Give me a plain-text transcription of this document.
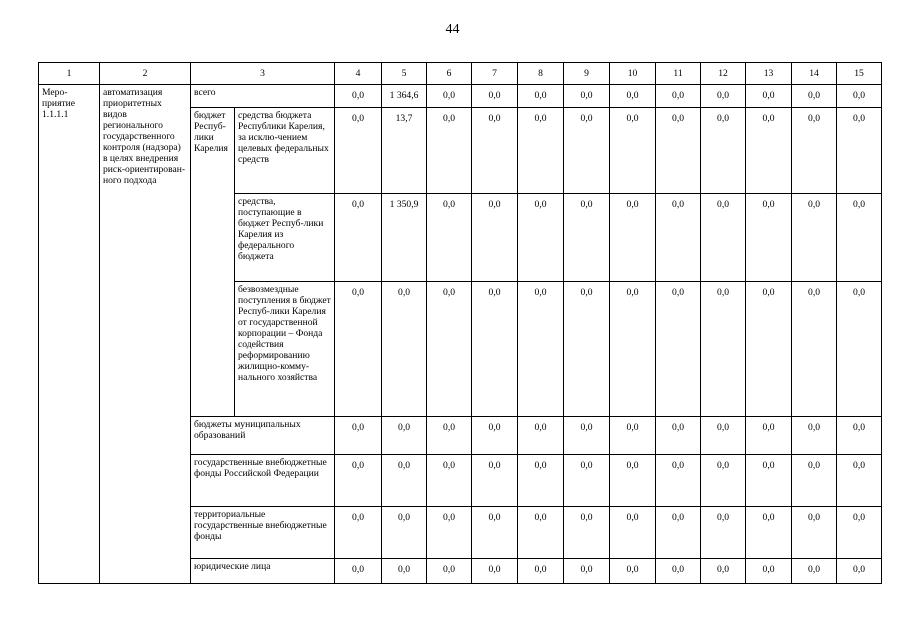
44
1	2	3		4	5	6	7	8	9	10	11	12	13	14	15
Меро-приятие 1.1.1.1	автоматизация приоритетных видов регионального государственного контроля (надзора) в целях внедрения риск-ориентирован-ного подхода	всего		0,0	1 364,6	0,0	0,0	0,0	0,0	0,0	0,0	0,0	0,0	0,0	0,0
		бюджет Респуб-лики Карелия	средства бюджета Республики Карелия, за исклю-чением целевых федеральных средств	0,0	13,7	0,0	0,0	0,0	0,0	0,0	0,0	0,0	0,0	0,0	0,0
			средства, поступающие в бюджет Респуб-лики Карелия из федерального бюджета	0,0	1 350,9	0,0	0,0	0,0	0,0	0,0	0,0	0,0	0,0	0,0	0,0
			безвозмездные поступления в бюджет Респуб-лики Карелия от государственной корпорации – Фонда содействия реформированию жилищно-комму-нального хозяйства	0,0	0,0	0,0	0,0	0,0	0,0	0,0	0,0	0,0	0,0	0,0	0,0
		бюджеты муниципальных образований		0,0	0,0	0,0	0,0	0,0	0,0	0,0	0,0	0,0	0,0	0,0	0,0
		государственные внебюджетные фонды Российской Федерации		0,0	0,0	0,0	0,0	0,0	0,0	0,0	0,0	0,0	0,0	0,0	0,0
		территориальные государственные внебюджетные фонды		0,0	0,0	0,0	0,0	0,0	0,0	0,0	0,0	0,0	0,0	0,0	0,0
		юридические лица		0,0	0,0	0,0	0,0	0,0	0,0	0,0	0,0	0,0	0,0	0,0	0,0
